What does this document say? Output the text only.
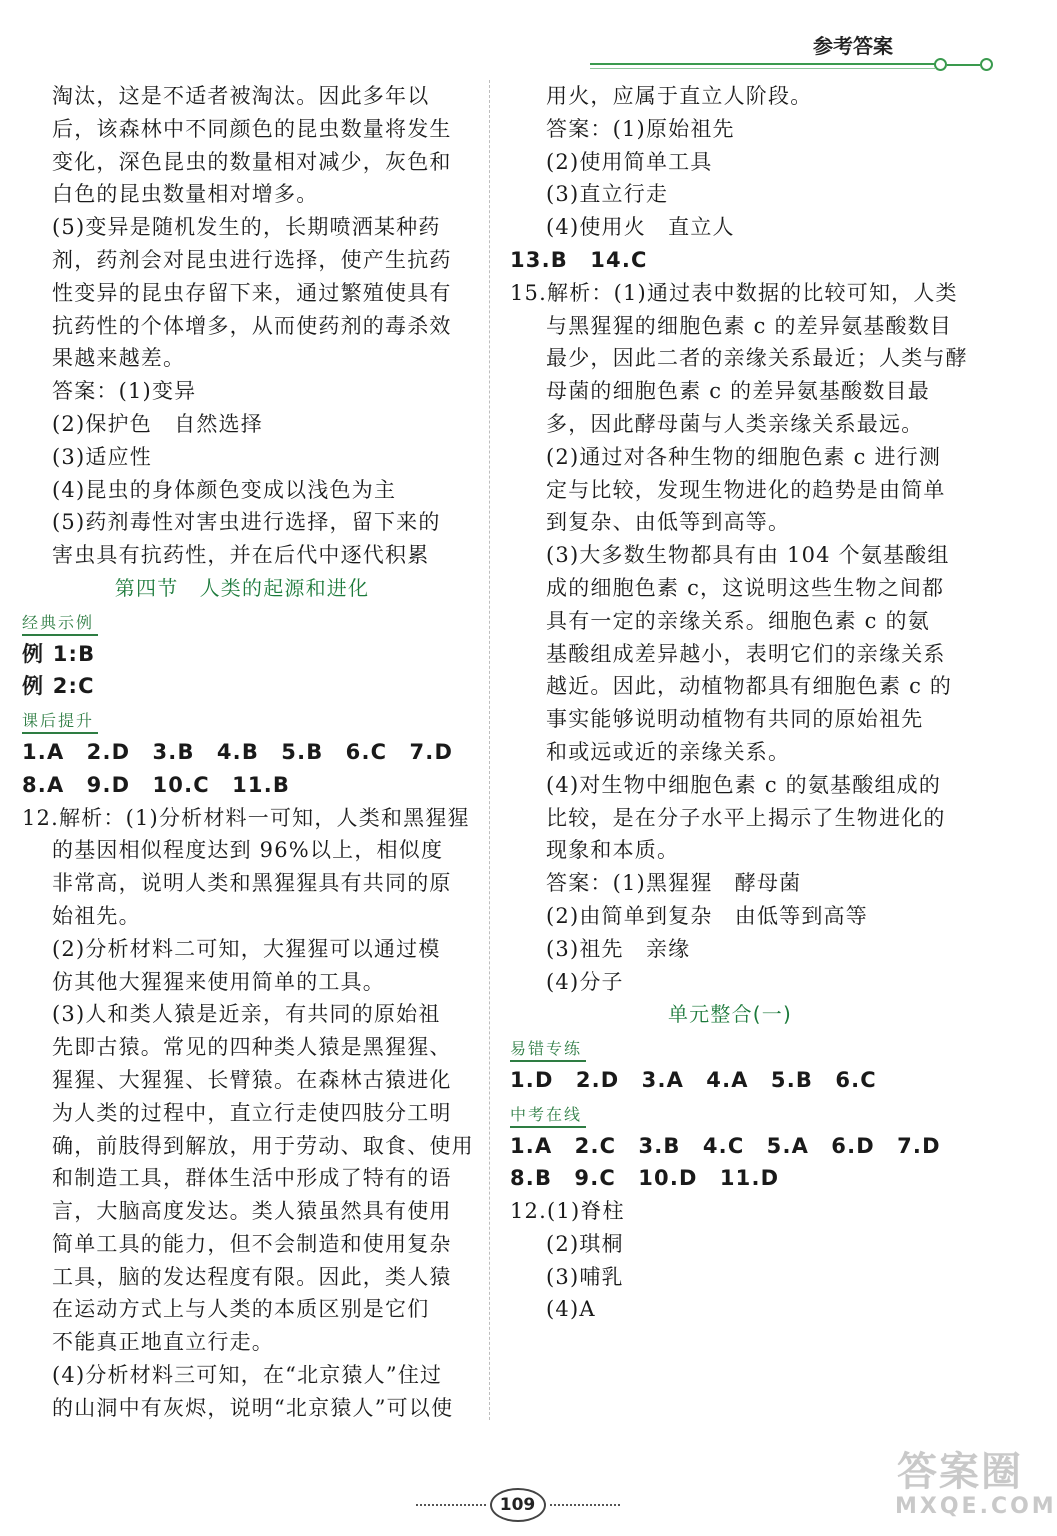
参考答案
淘汰，这是不适者被淘汰。因此多年以
后，该森林中不同颜色的昆虫数量将发生
变化，深色昆虫的数量相对减少，灰色和
白色的昆虫数量相对增多。
(5)变异是随机发生的，长期喷洒某种药
剂，药剂会对昆虫进行选择，使产生抗药
性变异的昆虫存留下来，通过繁殖使具有
抗药性的个体增多，从而使药剂的毒杀效
果越来越差。
答案：(1)变异
(2)保护色　自然选择
(3)适应性
(4)昆虫的身体颜色变成以浅色为主
(5)药剂毒性对害虫进行选择，留下来的
害虫具有抗药性，并在后代中逐代积累
第四节　人类的起源和进化
经典示例
例 1:B
例 2:C
课后提升
1.A　2.D　3.B　4.B　5.B　6.C　7.D
8.A　9.D　10.C　11.B
12.解析：(1)分析材料一可知，人类和黑猩猩
的基因相似程度达到 96%以上，相似度
非常高，说明人类和黑猩猩具有共同的原
始祖先。
(2)分析材料二可知，大猩猩可以通过模
仿其他大猩猩来使用简单的工具。
(3)人和类人猿是近亲，有共同的原始祖
先即古猿。常见的四种类人猿是黑猩猩、
猩猩、大猩猩、长臂猿。在森林古猿进化
为人类的过程中，直立行走使四肢分工明
确，前肢得到解放，用于劳动、取食、使用
和制造工具，群体生活中形成了特有的语
言，大脑高度发达。类人猿虽然具有使用
简单工具的能力，但不会制造和使用复杂
工具，脑的发达程度有限。因此，类人猿
在运动方式上与人类的本质区别是它们
不能真正地直立行走。
(4)分析材料三可知，在“北京猿人”住过
的山洞中有灰烬，说明“北京猿人”可以使
用火，应属于直立人阶段。
答案：(1)原始祖先
(2)使用简单工具
(3)直立行走
(4)使用火　直立人
13.B　14.C
15.解析：(1)通过表中数据的比较可知，人类
与黑猩猩的细胞色素 c 的差异氨基酸数目
最少，因此二者的亲缘关系最近；人类与酵
母菌的细胞色素 c 的差异氨基酸数目最
多，因此酵母菌与人类亲缘关系最远。
(2)通过对各种生物的细胞色素 c 进行测
定与比较，发现生物进化的趋势是由简单
到复杂、由低等到高等。
(3)大多数生物都具有由 104 个氨基酸组
成的细胞色素 c，这说明这些生物之间都
具有一定的亲缘关系。细胞色素 c 的氨
基酸组成差异越小，表明它们的亲缘关系
越近。因此，动植物都具有细胞色素 c 的
事实能够说明动植物有共同的原始祖先
和或远或近的亲缘关系。
(4)对生物中细胞色素 c 的氨基酸组成的
比较，是在分子水平上揭示了生物进化的
现象和本质。
答案：(1)黑猩猩　酵母菌
(2)由简单到复杂　由低等到高等
(3)祖先　亲缘
(4)分子
单元整合(一)
易错专练
1.D　2.D　3.A　4.A　5.B　6.C
中考在线
1.A　2.C　3.B　4.C　5.A　6.D　7.D
8.B　9.C　10.D　11.D
12.(1)脊柱
(2)琪桐
(3)哺乳
(4)A
109
答案圈
MXQE.COM
